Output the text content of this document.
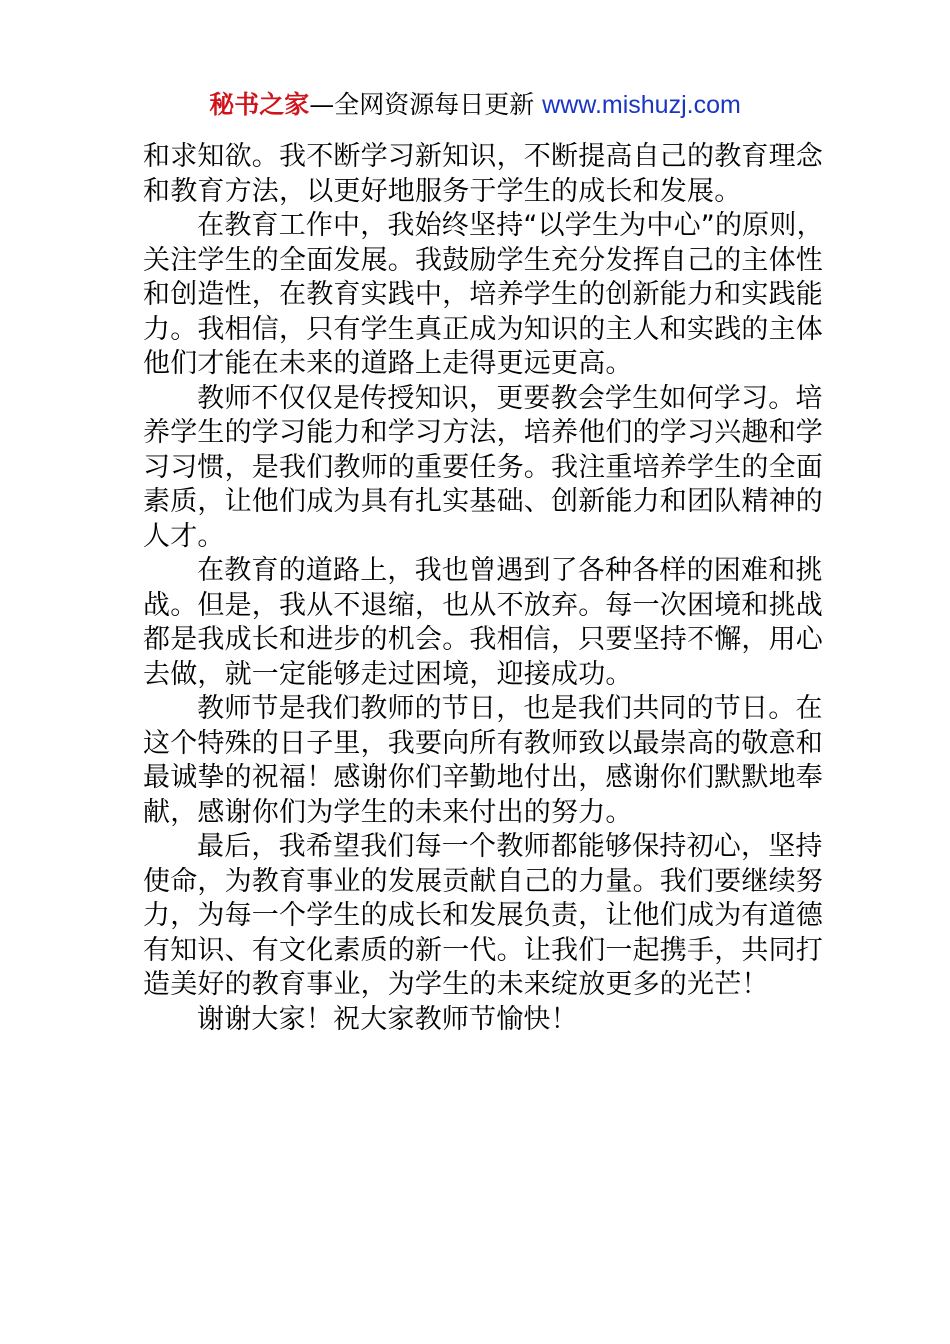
秘书之家—全网资源每日更新 www.mishuzj.com
和求知欲。我不断学习新知识，不断提高自己的教育理念
和教育方法，以更好地服务于学生的成长和发展。
在教育工作中，我始终坚持“以学生为中心”的原则，
关注学生的全面发展。我鼓励学生充分发挥自己的主体性
和创造性，在教育实践中，培养学生的创新能力和实践能
力。我相信，只有学生真正成为知识的主人和实践的主体
他们才能在未来的道路上走得更远更高。
教师不仅仅是传授知识，更要教会学生如何学习。培
养学生的学习能力和学习方法，培养他们的学习兴趣和学
习习惯，是我们教师的重要任务。我注重培养学生的全面
素质，让他们成为具有扎实基础、创新能力和团队精神的
人才。
在教育的道路上，我也曾遇到了各种各样的困难和挑
战。但是，我从不退缩，也从不放弃。每一次困境和挑战
都是我成长和进步的机会。我相信，只要坚持不懈，用心
去做，就一定能够走过困境，迎接成功。
教师节是我们教师的节日，也是我们共同的节日。在
这个特殊的日子里，我要向所有教师致以最崇高的敬意和
最诚挚的祝福！感谢你们辛勤地付出，感谢你们默默地奉
献，感谢你们为学生的未来付出的努力。
最后，我希望我们每一个教师都能够保持初心，坚持
使命，为教育事业的发展贡献自己的力量。我们要继续努
力，为每一个学生的成长和发展负责，让他们成为有道德
有知识、有文化素质的新一代。让我们一起携手，共同打
造美好的教育事业，为学生的未来绽放更多的光芒！
谢谢大家！祝大家教师节愉快！
